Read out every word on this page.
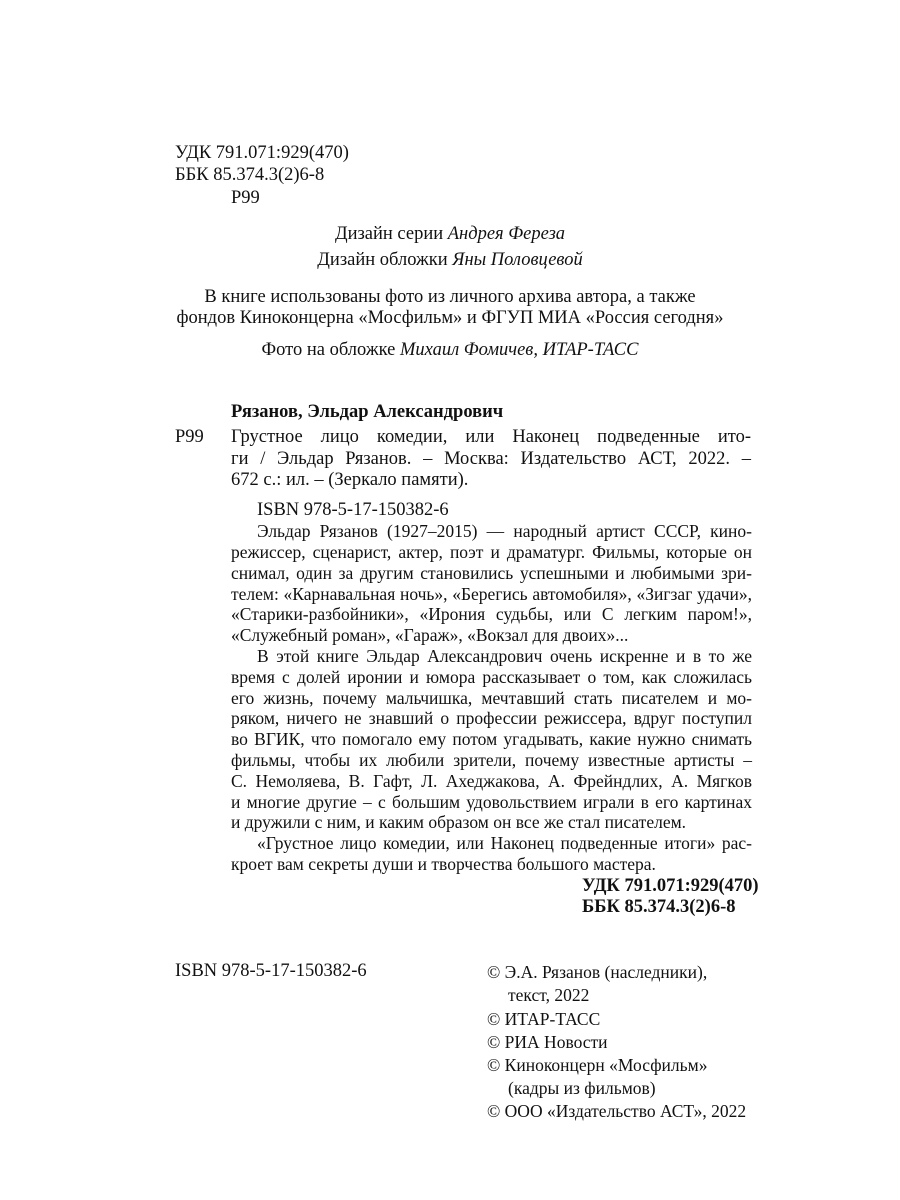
УДК 791.071:929(470)
ББК 85.374.3(2)6-8
Р99
Дизайн серии Андрея Фереза
Дизайн обложки Яны Половцевой
В книге использованы фото из личного архива автора, а также
фондов Киноконцерна «Мосфильм» и ФГУП МИА «Россия сегодня»
Фото на обложке Михаил Фомичев, ИТАР-ТАСС
Рязанов, Эльдар Александрович
Р99 Грустное лицо комедии, или Наконец подведенные ито-
ги / Эльдар Рязанов. – Москва: Издательство АСТ, 2022. –
672 с.: ил. – (Зеркало памяти).
ISBN 978-5-17-150382-6
Эльдар Рязанов (1927–2015) — народный артист СССР, кино-
режиссер, сценарист, актер, поэт и драматург. Фильмы, которые он
снимал, один за другим становились успешными и любимыми зри-
телем: «Карнавальная ночь», «Берегись автомобиля», «Зигзаг удачи»,
«Старики-разбойники», «Ирония судьбы, или С легким паром!»,
«Служебный роман», «Гараж», «Вокзал для двоих»...
В этой книге Эльдар Александрович очень искренне и в то же
время с долей иронии и юмора рассказывает о том, как сложилась
его жизнь, почему мальчишка, мечтавший стать писателем и мо-
ряком, ничего не знавший о профессии режиссера, вдруг поступил
во ВГИК, что помогало ему потом угадывать, какие нужно снимать
фильмы, чтобы их любили зрители, почему известные артисты –
С. Немоляева, В. Гафт, Л. Ахеджакова, А. Фрейндлих, А. Мягков
и многие другие – с большим удовольствием играли в его картинах
и дружили с ним, и каким образом он все же стал писателем.
«Грустное лицо комедии, или Наконец подведенные итоги» рас-
кроет вам секреты души и творчества большого мастера.
УДК 791.071:929(470)
ББК 85.374.3(2)6-8
ISBN 978-5-17-150382-6	© Э.А. Рязанов (наследники),
текст, 2022
© ИТАР-ТАСС
© РИА Новости
© Киноконцерн «Мосфильм»
(кадры из фильмов)
© ООО «Издательство АСТ», 2022
